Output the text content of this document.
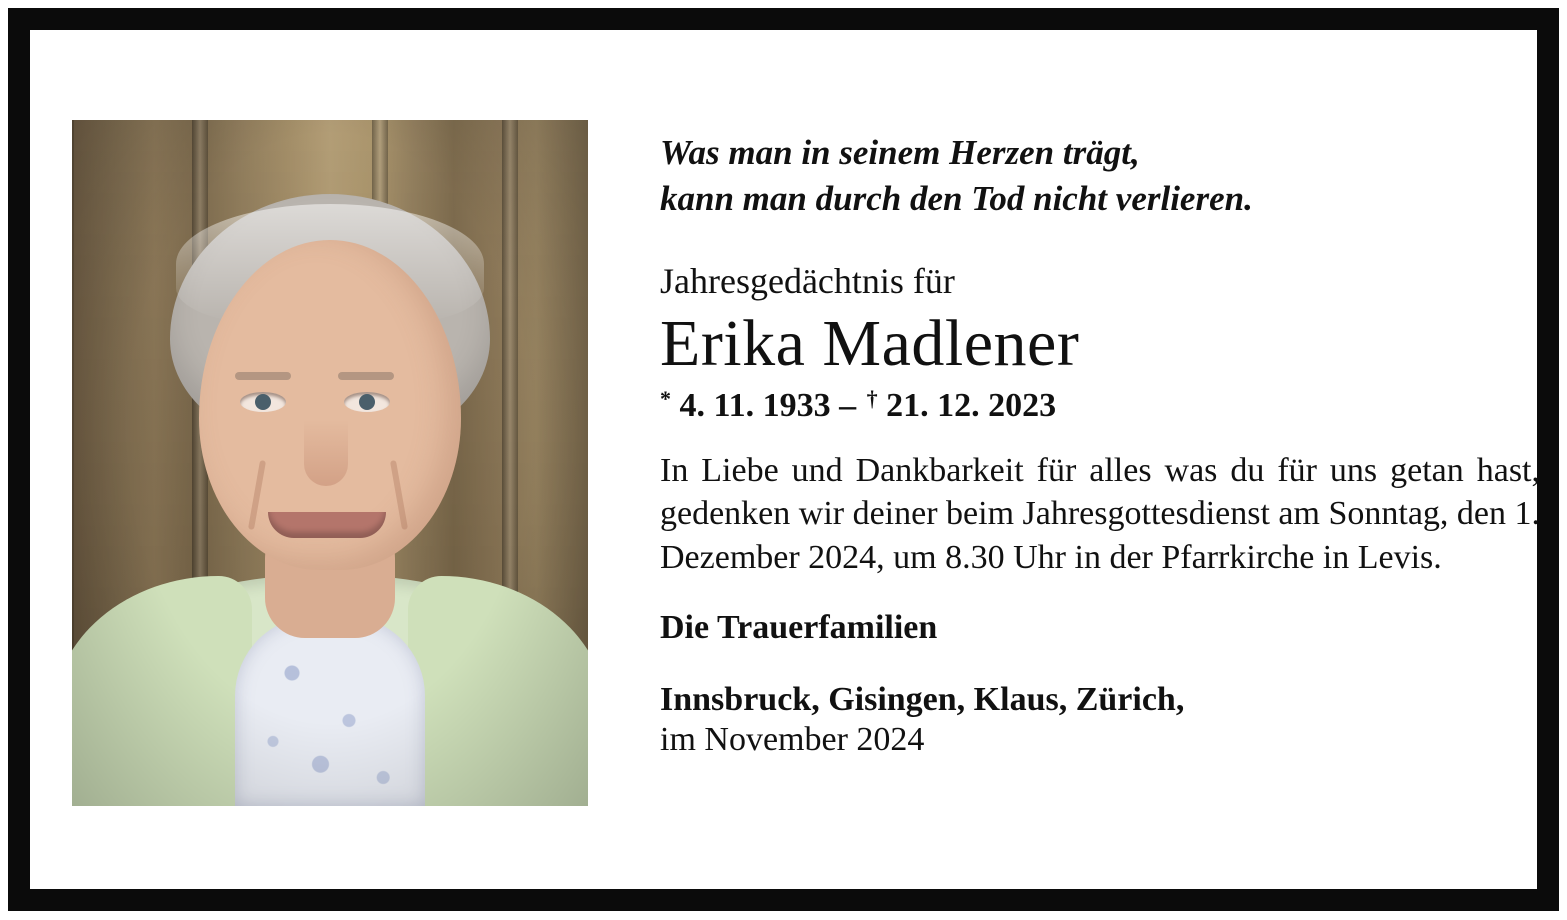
Was man in seinem Herzen trägt,
kann man durch den Tod nicht verlieren.
Jahresgedächtnis für
Erika Madlener
* 4. 11. 1933 – † 21. 12. 2023
In Liebe und Dankbarkeit für alles was du für uns getan hast, gedenken wir deiner beim Jahresgottesdienst am Sonntag, den 1. Dezember 2024, um 8.30 Uhr in der Pfarrkirche in Levis.
Die Trauerfamilien
Innsbruck, Gisingen, Klaus, Zürich,
im November 2024
